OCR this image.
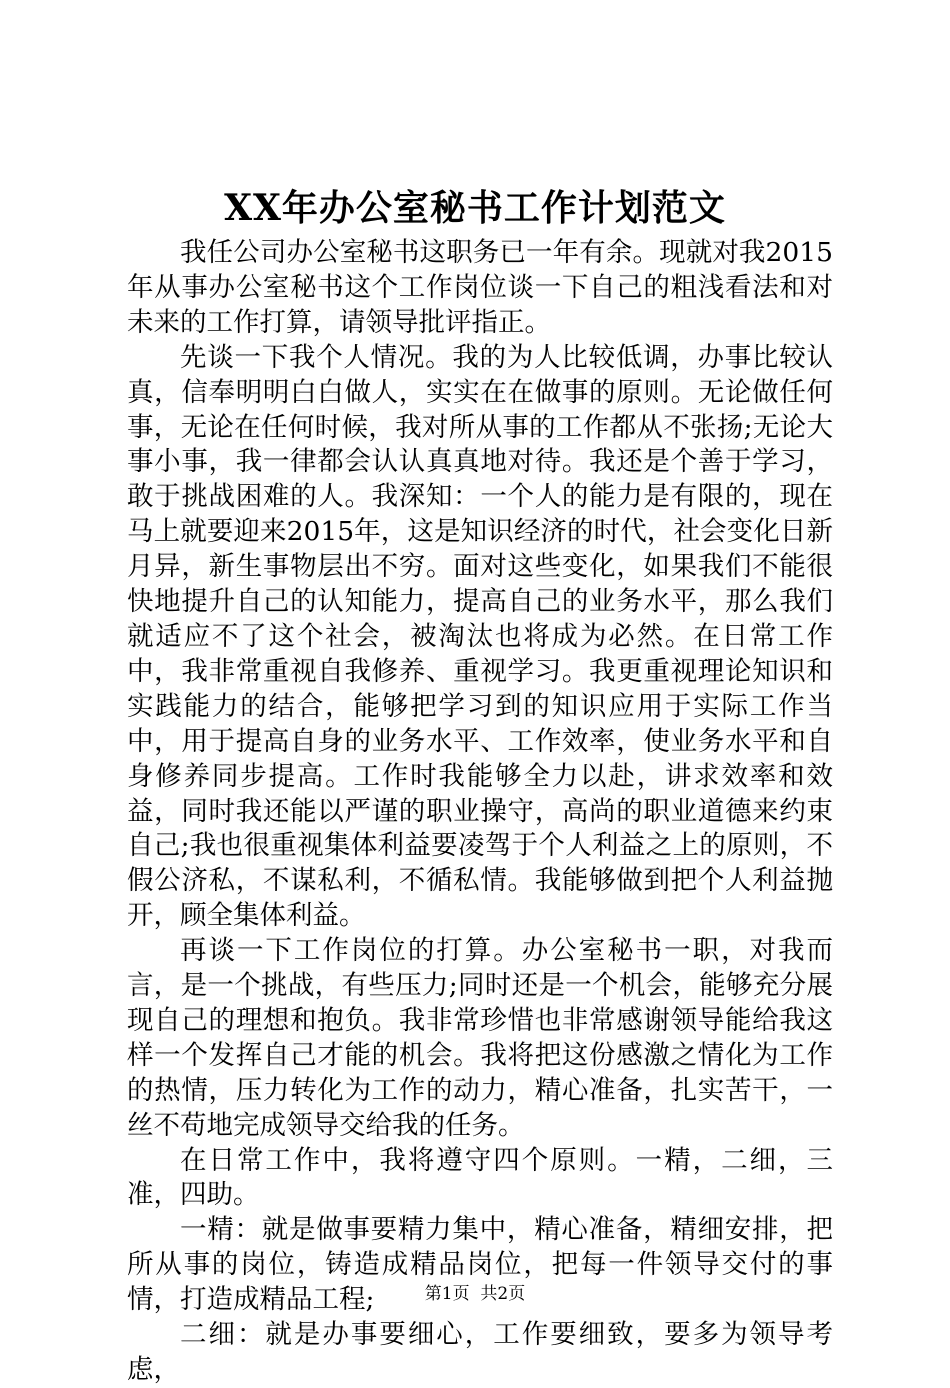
XX年办公室秘书工作计划范文

我任公司办公室秘书这职务已一年有余。现就对我2015年从事办公室秘书这个工作岗位谈一下自己的粗浅看法和对未来的工作打算，请领导批评指正。

先谈一下我个人情况。我的为人比较低调，办事比较认真，信奉明明白白做人，实实在在做事的原则。无论做任何事，无论在任何时候，我对所从事的工作都从不张扬;无论大事小事，我一律都会认认真真地对待。我还是个善于学习，敢于挑战困难的人。我深知：一个人的能力是有限的，现在马上就要迎来2015年，这是知识经济的时代，社会变化日新月异，新生事物层出不穷。面对这些变化，如果我们不能很快地提升自己的认知能力，提高自己的业务水平，那么我们就适应不了这个社会，被淘汰也将成为必然。在日常工作中，我非常重视自我修养、重视学习。我更重视理论知识和实践能力的结合，能够把学习到的知识应用于实际工作当中，用于提高自身的业务水平、工作效率，使业务水平和自身修养同步提高。工作时我能够全力以赴，讲求效率和效益，同时我还能以严谨的职业操守，高尚的职业道德来约束自己;我也很重视集体利益要凌驾于个人利益之上的原则，不假公济私，不谋私利，不循私情。我能够做到把个人利益抛开，顾全集体利益。

再谈一下工作岗位的打算。办公室秘书一职，对我而言，是一个挑战，有些压力;同时还是一个机会，能够充分展现自己的理想和抱负。我非常珍惜也非常感谢领导能给我这样一个发挥自己才能的机会。我将把这份感激之情化为工作的热情，压力转化为工作的动力，精心准备，扎实苦干，一丝不苟地完成领导交给我的任务。

在日常工作中，我将遵守四个原则。一精，二细，三准，四助。

一精：就是做事要精力集中，精心准备，精细安排，把所从事的岗位，铸造成精品岗位，把每一件领导交付的事情，打造成精品工程;

二细：就是办事要细心，工作要细致，要多为领导考虑，

第1页 共2页
